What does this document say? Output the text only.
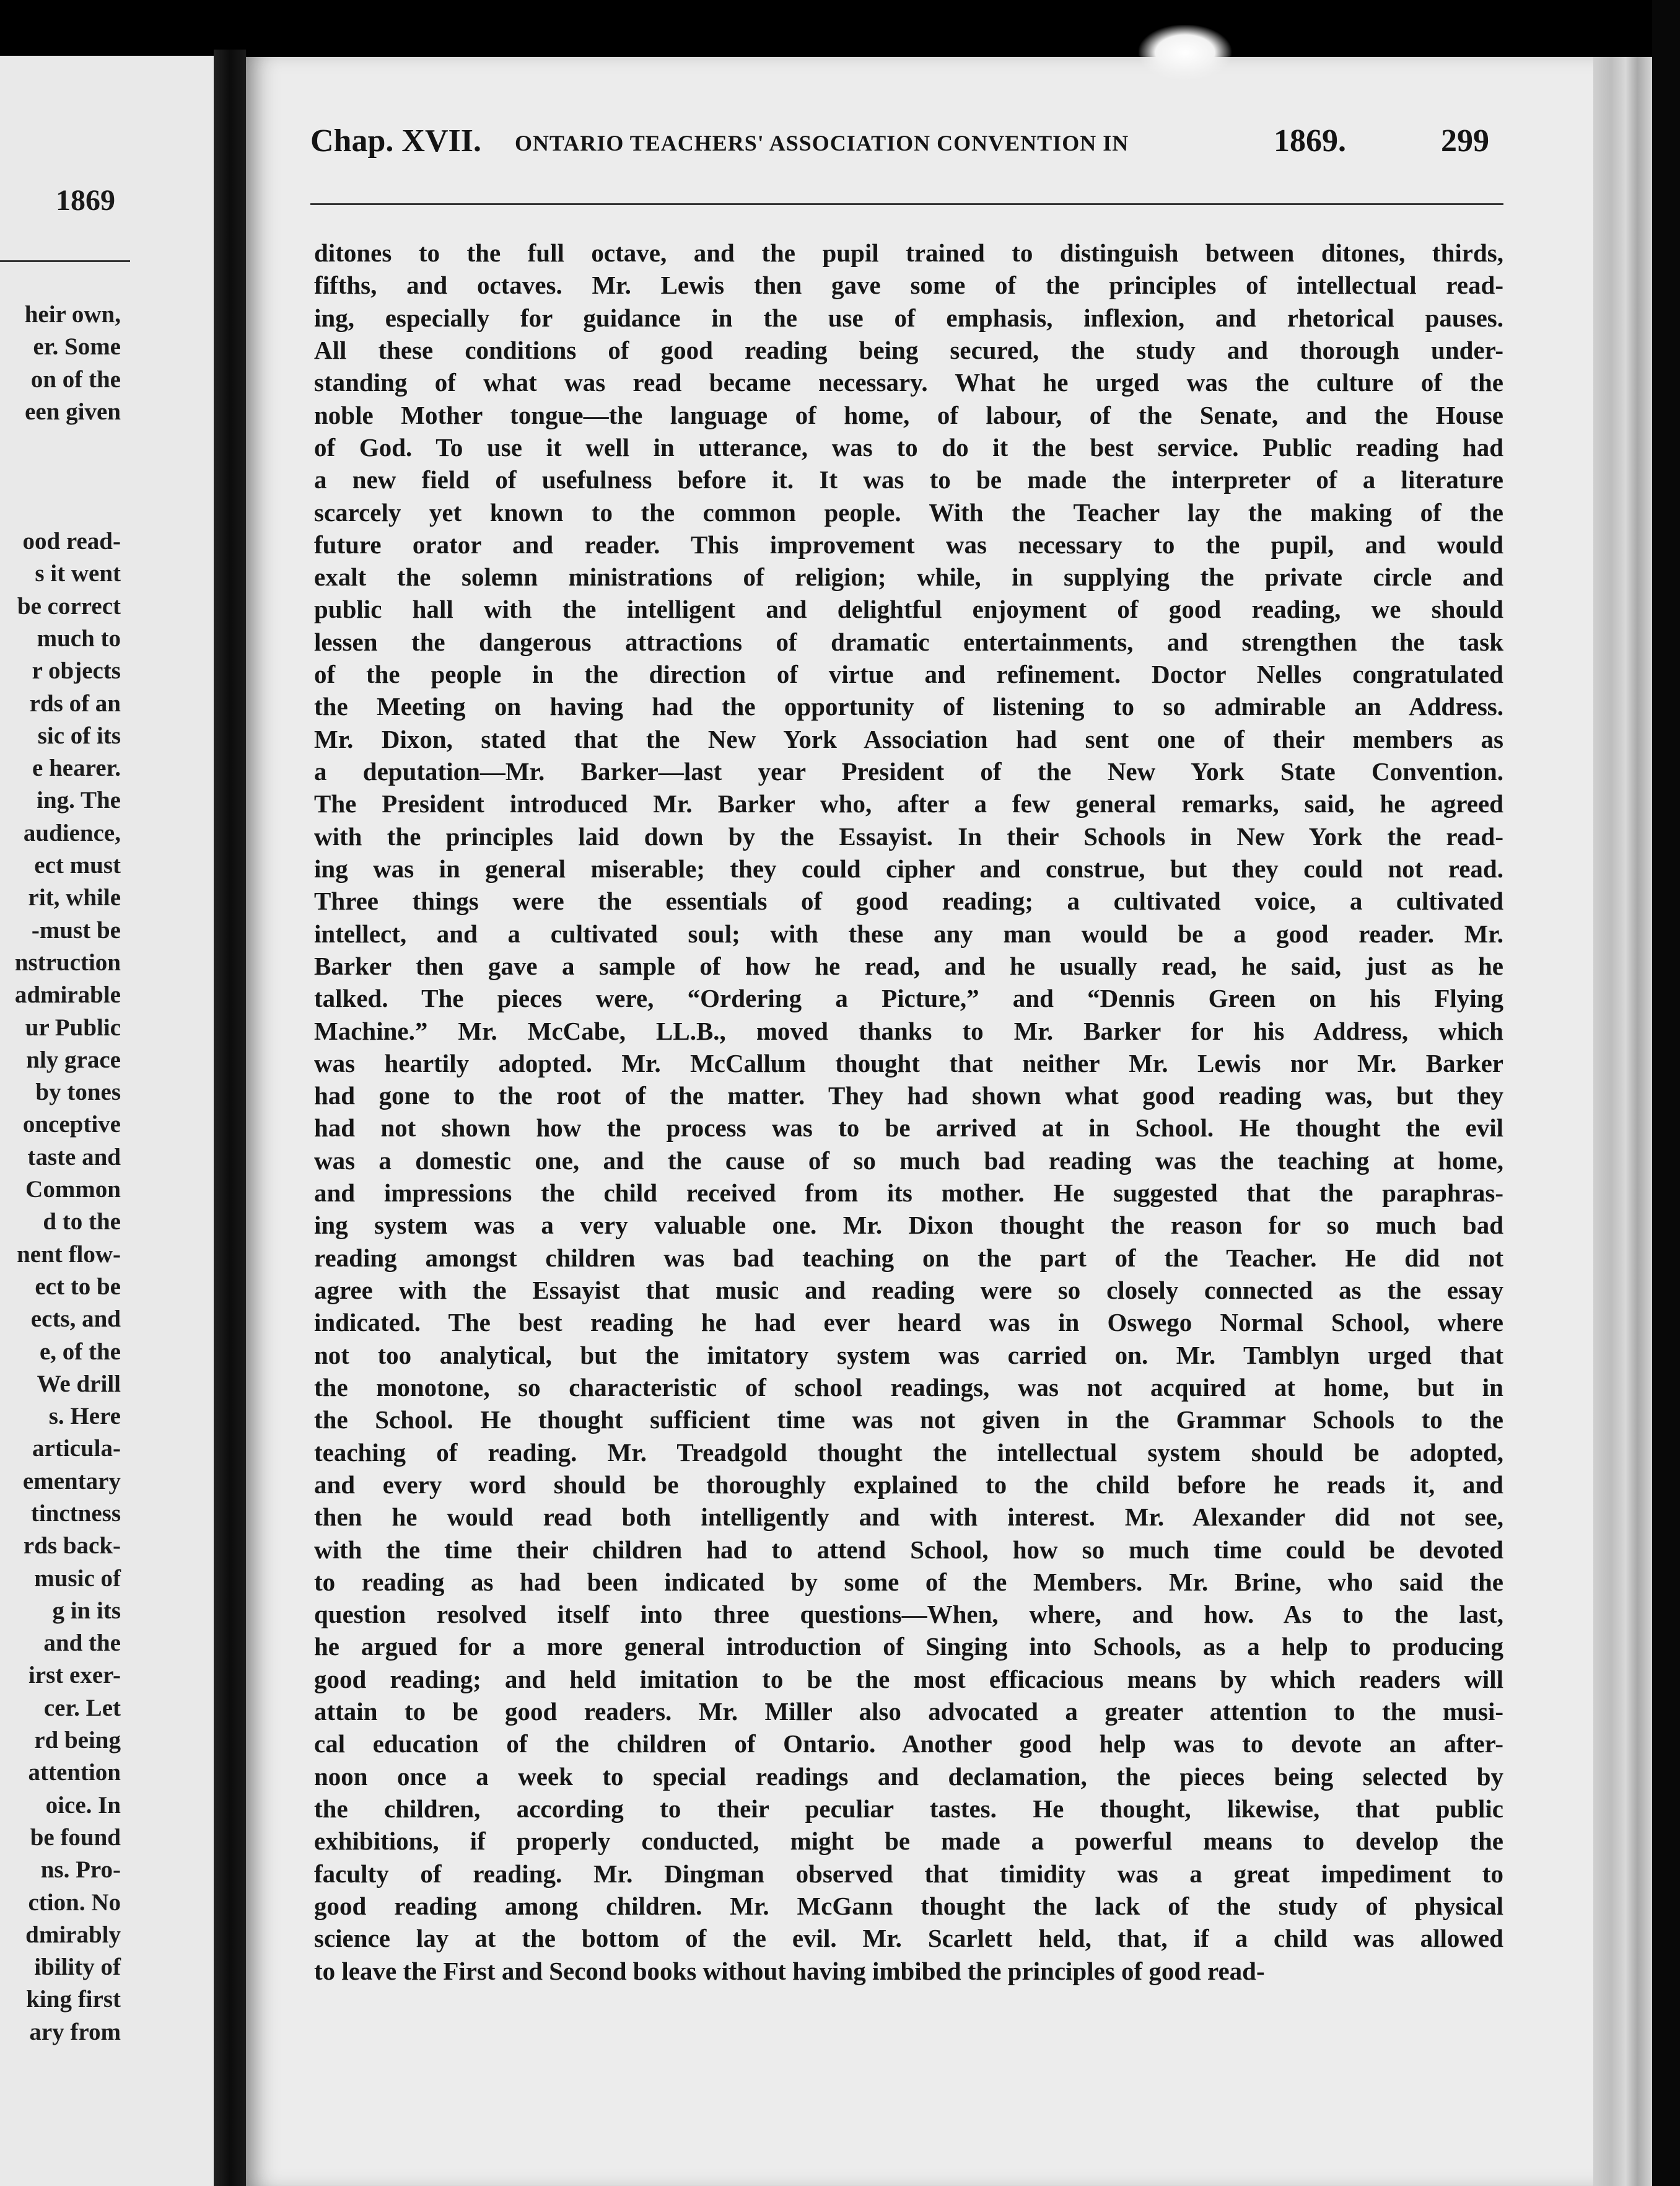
1869
heir own,
er. Some
on of the
een given
ood read-
s it went
be correct
much to
r objects
rds of an
sic of its
e hearer.
ing. The
audience,
ect must
rit, while
-must be
nstruction
admirable
ur Public
nly grace
by tones
onceptive
taste and
Common
d to the
nent flow-
ect to be
ects, and
e, of the
We drill
s. Here
articula-
ementary
tinctness
rds back-
music of
g in its
and the
irst exer-
cer. Let
rd being
attention
oice. In
be found
ns. Pro-
ction. No
dmirably
ibility of
king first
ary from
Chap. XVII. ONTARIO TEACHERS' ASSOCIATION CONVENTION IN	1869.	299
ditones to the full octave, and the pupil trained to distinguish between ditones, thirds,
fifths, and octaves. Mr. Lewis then gave some of the principles of intellectual read-
ing, especially for guidance in the use of emphasis, inflexion, and rhetorical pauses.
All these conditions of good reading being secured, the study and thorough under-
standing of what was read became necessary. What he urged was the culture of the
noble Mother tongue—the language of home, of labour, of the Senate, and the House
of God. To use it well in utterance, was to do it the best service. Public reading had
a new field of usefulness before it. It was to be made the interpreter of a literature
scarcely yet known to the common people. With the Teacher lay the making of the
future orator and reader. This improvement was necessary to the pupil, and would
exalt the solemn ministrations of religion; while, in supplying the private circle and
public hall with the intelligent and delightful enjoyment of good reading, we should
lessen the dangerous attractions of dramatic entertainments, and strengthen the task
of the people in the direction of virtue and refinement. Doctor Nelles congratulated
the Meeting on having had the opportunity of listening to so admirable an Address.
Mr. Dixon, stated that the New York Association had sent one of their members as
a deputation—Mr. Barker—last year President of the New York State Convention.
The President introduced Mr. Barker who, after a few general remarks, said, he agreed
with the principles laid down by the Essayist. In their Schools in New York the read-
ing was in general miserable; they could cipher and construe, but they could not read.
Three things were the essentials of good reading; a cultivated voice, a cultivated
intellect, and a cultivated soul; with these any man would be a good reader. Mr.
Barker then gave a sample of how he read, and he usually read, he said, just as he
talked. The pieces were, “Ordering a Picture,” and “Dennis Green on his Flying
Machine.” Mr. McCabe, LL.B., moved thanks to Mr. Barker for his Address, which
was heartily adopted. Mr. McCallum thought that neither Mr. Lewis nor Mr. Barker
had gone to the root of the matter. They had shown what good reading was, but they
had not shown how the process was to be arrived at in School. He thought the evil
was a domestic one, and the cause of so much bad reading was the teaching at home,
and impressions the child received from its mother. He suggested that the paraphras-
ing system was a very valuable one. Mr. Dixon thought the reason for so much bad
reading amongst children was bad teaching on the part of the Teacher. He did not
agree with the Essayist that music and reading were so closely connected as the essay
indicated. The best reading he had ever heard was in Oswego Normal School, where
not too analytical, but the imitatory system was carried on. Mr. Tamblyn urged that
the monotone, so characteristic of school readings, was not acquired at home, but in
the School. He thought sufficient time was not given in the Grammar Schools to the
teaching of reading. Mr. Treadgold thought the intellectual system should be adopted,
and every word should be thoroughly explained to the child before he reads it, and
then he would read both intelligently and with interest. Mr. Alexander did not see,
with the time their children had to attend School, how so much time could be devoted
to reading as had been indicated by some of the Members. Mr. Brine, who said the
question resolved itself into three questions—When, where, and how. As to the last,
he argued for a more general introduction of Singing into Schools, as a help to producing
good reading; and held imitation to be the most efficacious means by which readers will
attain to be good readers. Mr. Miller also advocated a greater attention to the musi-
cal education of the children of Ontario. Another good help was to devote an after-
noon once a week to special readings and declamation, the pieces being selected by
the children, according to their peculiar tastes. He thought, likewise, that public
exhibitions, if properly conducted, might be made a powerful means to develop the
faculty of reading. Mr. Dingman observed that timidity was a great impediment to
good reading among children. Mr. McGann thought the lack of the study of physical
science lay at the bottom of the evil. Mr. Scarlett held, that, if a child was allowed
to leave the First and Second books without having imbibed the principles of good read-
